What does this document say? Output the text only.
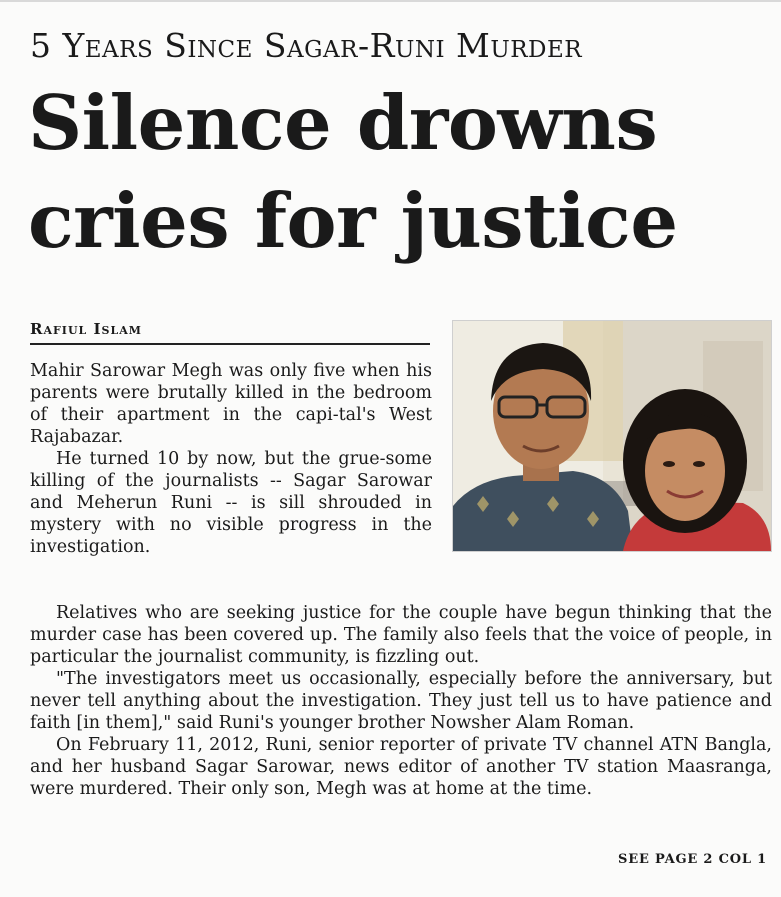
5 Years Since Sagar-Runi Murder
Silence drowns
cries for justice
Rafiul Islam

Mahir Sarowar Megh was only five when his parents were brutally killed in the bedroom of their apartment in the capi-tal's West Rajabazar.

He turned 10 by now, but the grue-some killing of the journalists -- Sagar Sarowar and Meherun Runi -- is sill shrouded in mystery with no visible progress in the investigation.

Relatives who are seeking justice for the couple have begun thinking that the murder case has been covered up. The family also feels that the voice of people, in particular the journalist community, is fizzling out.

"The investigators meet us occasionally, especially before the anniversary, but never tell anything about the investigation. They just tell us to have patience and faith [in them]," said Runi's younger brother Nowsher Alam Roman.

On February 11, 2012, Runi, senior reporter of private TV channel ATN Bangla, and her husband Sagar Sarowar, news editor of another TV station Maasranga, were murdered. Their only son, Megh was at home at the time.

SEE PAGE 2 COL 1
